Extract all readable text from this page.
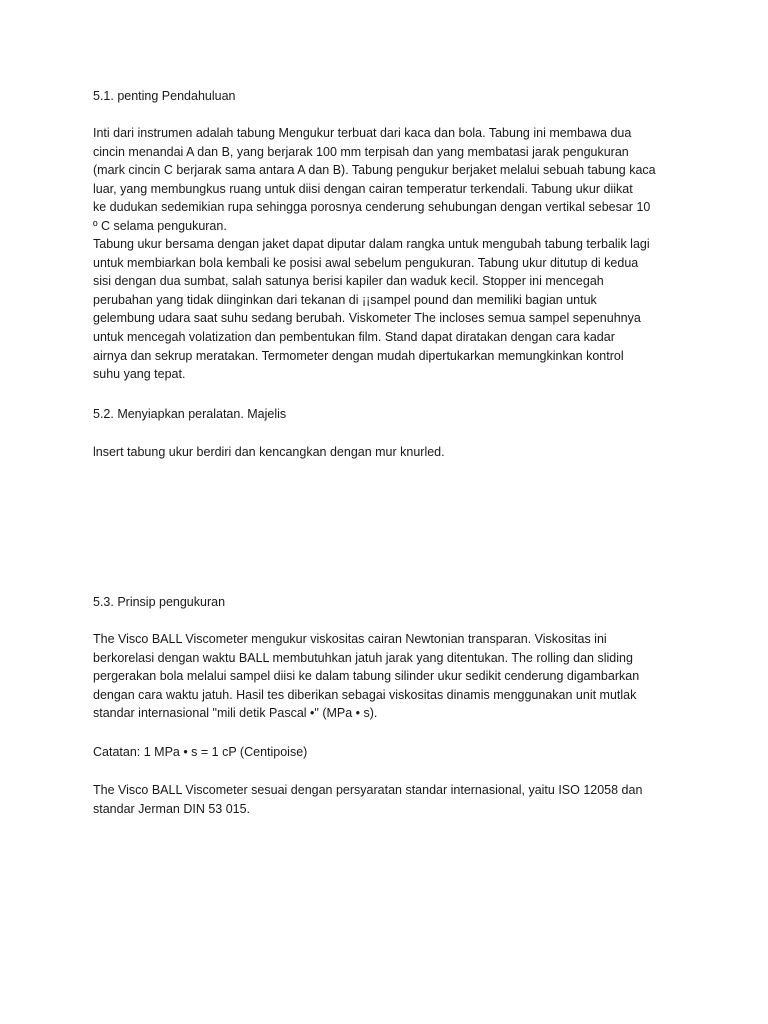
5.1. penting Pendahuluan
Inti dari instrumen adalah tabung Mengukur terbuat dari kaca dan bola. Tabung ini membawa dua
cincin menandai A dan B, yang berjarak 100 mm terpisah dan yang membatasi jarak pengukuran
(mark cincin C berjarak sama antara A dan B). Tabung pengukur berjaket melalui sebuah tabung kaca
luar, yang membungkus ruang untuk diisi dengan cairan temperatur terkendali. Tabung ukur diikat
ke dudukan sedemikian rupa sehingga porosnya cenderung sehubungan dengan vertikal sebesar 10
º C selama pengukuran.
Tabung ukur bersama dengan jaket dapat diputar dalam rangka untuk mengubah tabung terbalik lagi
untuk membiarkan bola kembali ke posisi awal sebelum pengukuran. Tabung ukur ditutup di kedua
sisi dengan dua sumbat, salah satunya berisi kapiler dan waduk kecil. Stopper ini mencegah
perubahan yang tidak diinginkan dari tekanan di ¡¡sampel pound dan memiliki bagian untuk
gelembung udara saat suhu sedang berubah. Viskometer The incloses semua sampel sepenuhnya
untuk mencegah volatization dan pembentukan film. Stand dapat diratakan dengan cara kadar
airnya dan sekrup meratakan. Termometer dengan mudah dipertukarkan memungkinkan kontrol
suhu yang tepat.
5.2. Menyiapkan peralatan. Majelis
lnsert tabung ukur berdiri dan kencangkan dengan mur knurled.
5.3. Prinsip pengukuran
The Visco BALL Viscometer mengukur viskositas cairan Newtonian transparan. Viskositas ini
berkorelasi dengan waktu BALL membutuhkan jatuh jarak yang ditentukan. The rolling dan sliding
pergerakan bola melalui sampel diisi ke dalam tabung silinder ukur sedikit cenderung digambarkan
dengan cara waktu jatuh. Hasil tes diberikan sebagai viskositas dinamis menggunakan unit mutlak
standar internasional "mili detik Pascal •" (MPa • s).
Catatan: 1 MPa • s = 1 cP (Centipoise)
The Visco BALL Viscometer sesuai dengan persyaratan standar internasional, yaitu ISO 12058 dan
standar Jerman DIN 53 015.
